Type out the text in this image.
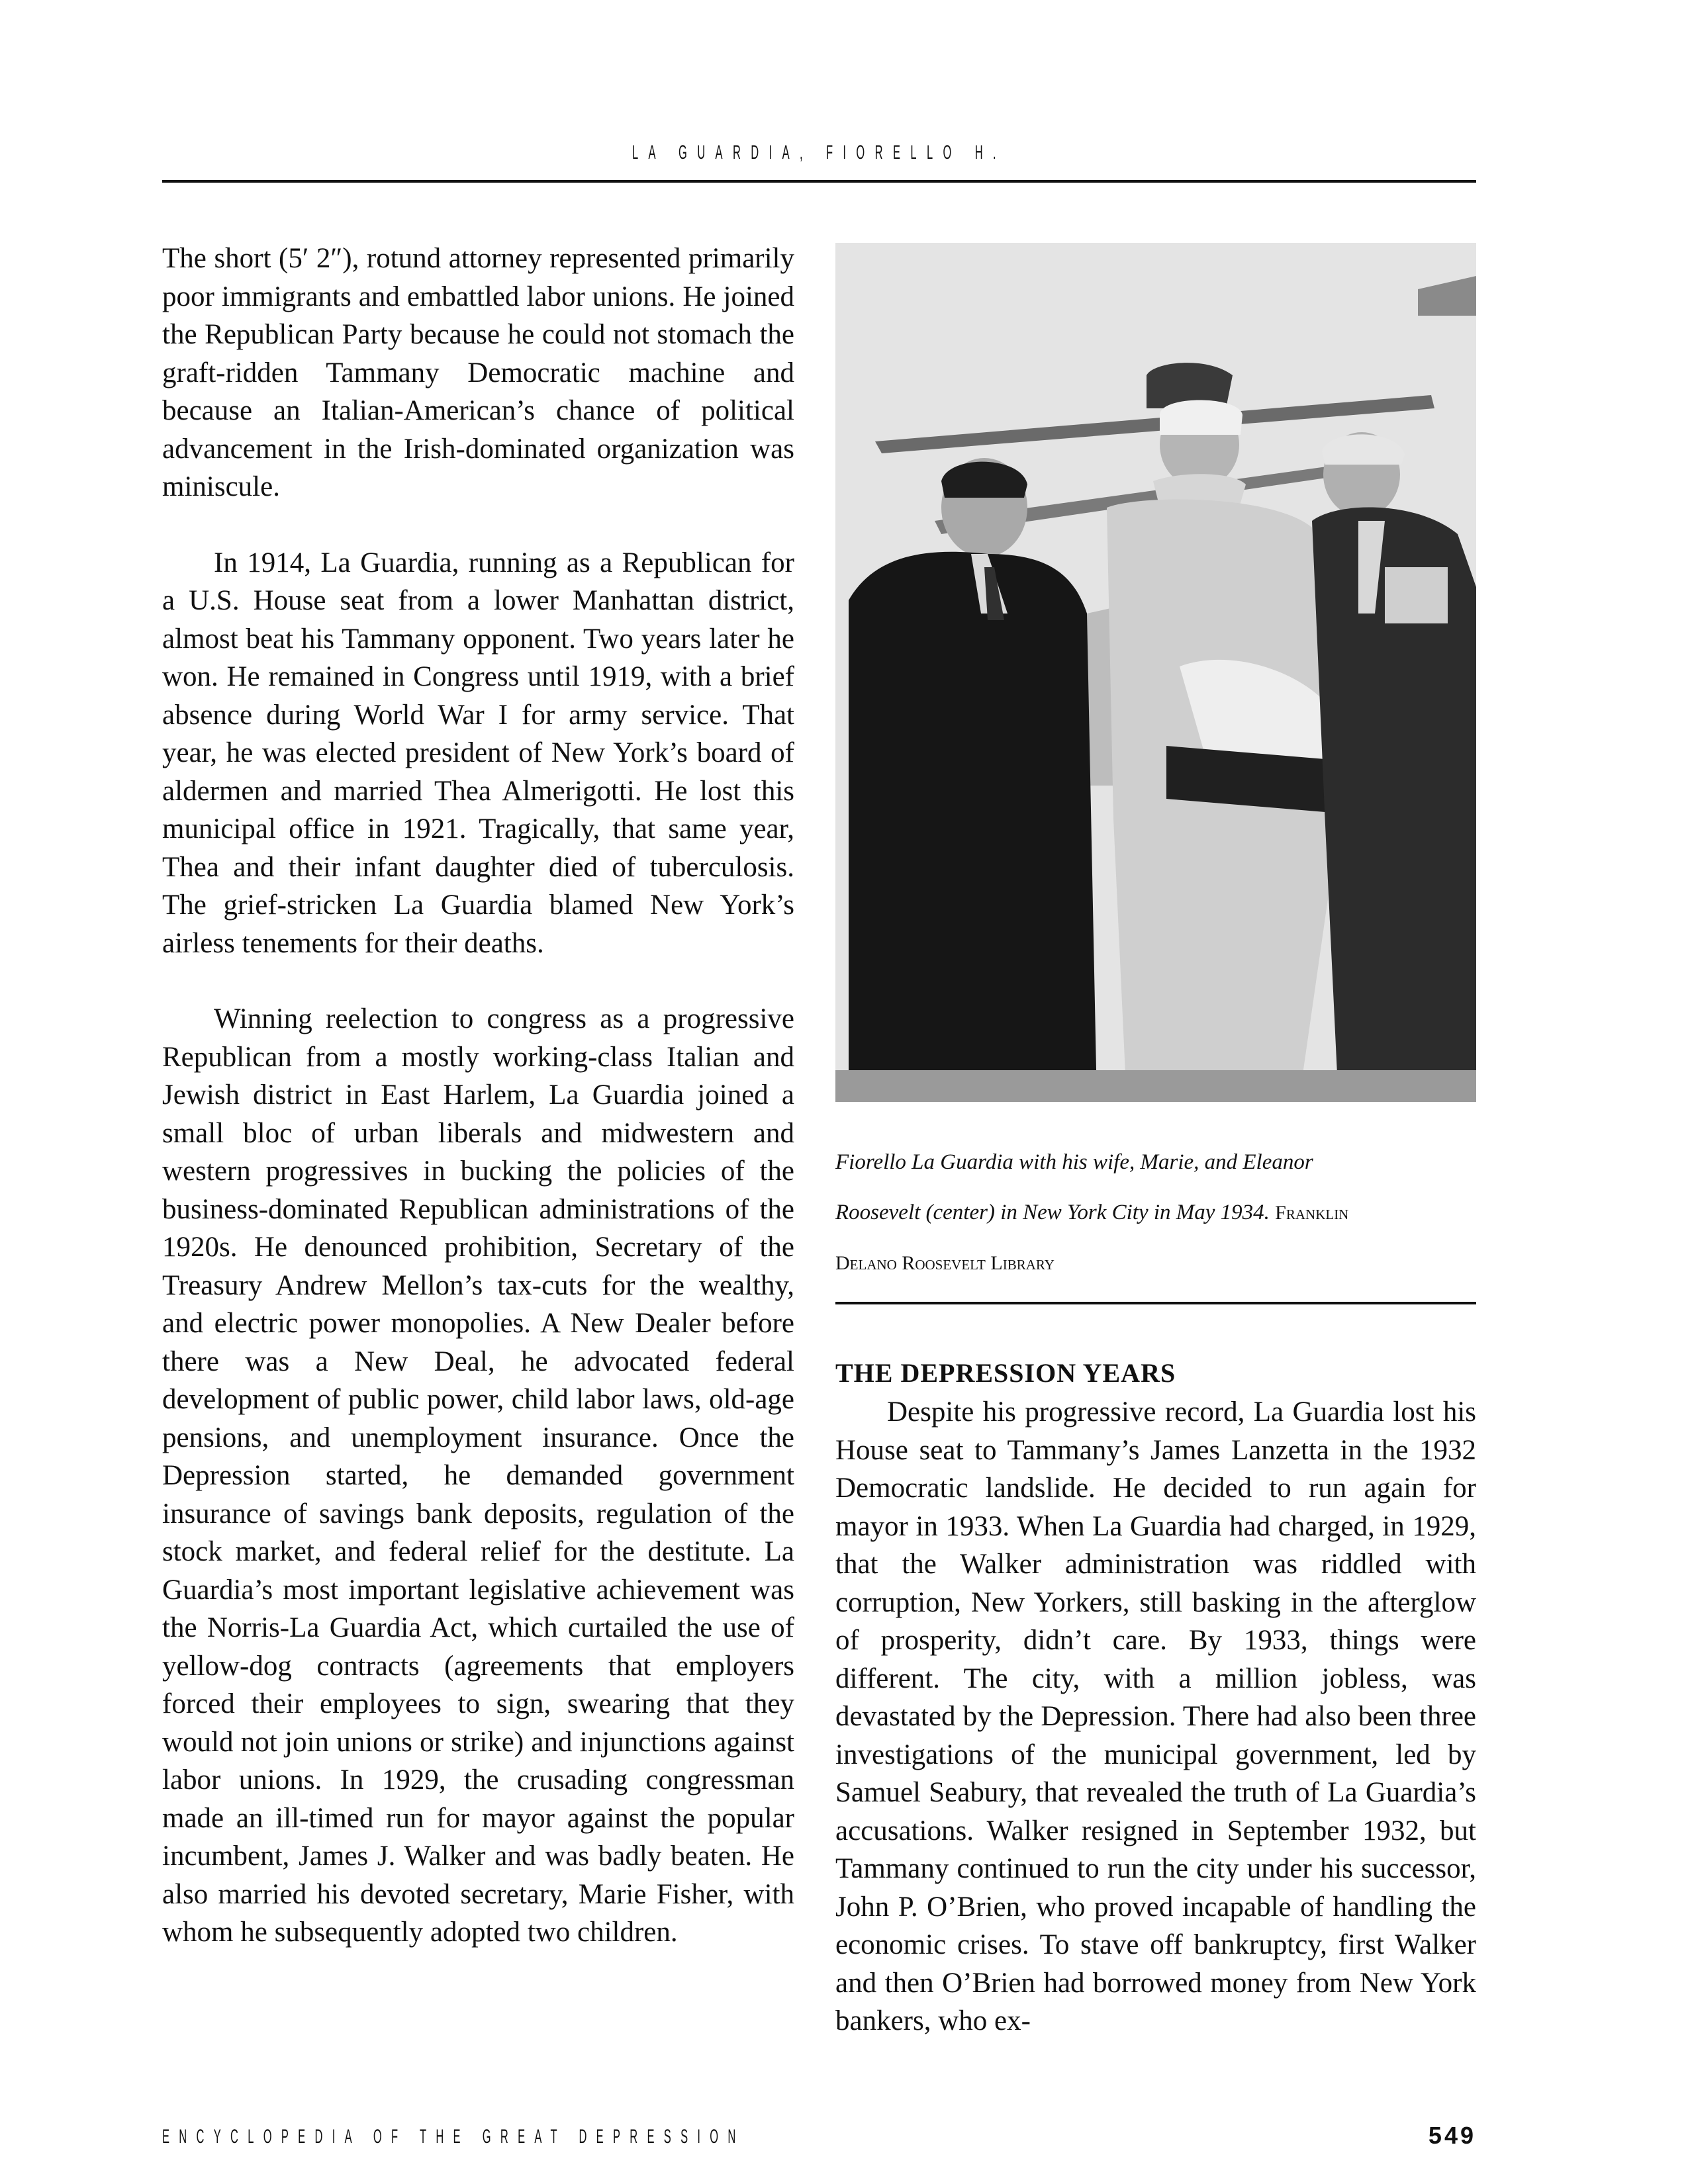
LA GUARDIA, FIORELLO H.

The short (5′ 2″), rotund attorney represented primarily poor immigrants and embattled labor unions. He joined the Republican Party because he could not stomach the graft-ridden Tammany Democratic machine and because an Italian-American’s chance of political advancement in the Irish-dominated organization was miniscule.

In 1914, La Guardia, running as a Republican for a U.S. House seat from a lower Manhattan district, almost beat his Tammany opponent. Two years later he won. He remained in Congress until 1919, with a brief absence during World War I for army service. That year, he was elected president of New York’s board of aldermen and married Thea Almerigotti. He lost this municipal office in 1921. Tragically, that same year, Thea and their infant daughter died of tuberculosis. The grief-stricken La Guardia blamed New York’s airless tenements for their deaths.

Winning reelection to congress as a progressive Republican from a mostly working-class Italian and Jewish district in East Harlem, La Guardia joined a small bloc of urban liberals and midwestern and western progressives in bucking the policies of the business-dominated Republican administrations of the 1920s. He denounced prohibition, Secretary of the Treasury Andrew Mellon’s tax-cuts for the wealthy, and electric power monopolies. A New Dealer before there was a New Deal, he advocated federal development of public power, child labor laws, old-age pensions, and unemployment insurance. Once the Depression started, he demanded government insurance of savings bank deposits, regulation of the stock market, and federal relief for the destitute. La Guardia’s most important legislative achievement was the Norris-La Guardia Act, which curtailed the use of yellow-dog contracts (agreements that employers forced their employees to sign, swearing that they would not join unions or strike) and injunctions against labor unions. In 1929, the crusading congressman made an ill-timed run for mayor against the popular incumbent, James J. Walker and was badly beaten. He also married his devoted secretary, Marie Fisher, with whom he subsequently adopted two children.

Fiorello La Guardia with his wife, Marie, and Eleanor
Roosevelt (center) in New York City in May 1934. Franklin
Delano Roosevelt Library
THE DEPRESSION YEARS

Despite his progressive record, La Guardia lost his House seat to Tammany’s James Lanzetta in the 1932 Democratic landslide. He decided to run again for mayor in 1933. When La Guardia had charged, in 1929, that the Walker administration was riddled with corruption, New Yorkers, still basking in the afterglow of prosperity, didn’t care. By 1933, things were different. The city, with a million jobless, was devastated by the Depression. There had also been three investigations of the municipal government, led by Samuel Seabury, that revealed the truth of La Guardia’s accusations. Walker resigned in September 1932, but Tammany continued to run the city under his successor, John P. O’Brien, who proved incapable of handling the economic crises. To stave off bankruptcy, first Walker and then O’Brien had borrowed money from New York bankers, who ex-

ENCYCLOPEDIA OF THE GREAT DEPRESSION	549
